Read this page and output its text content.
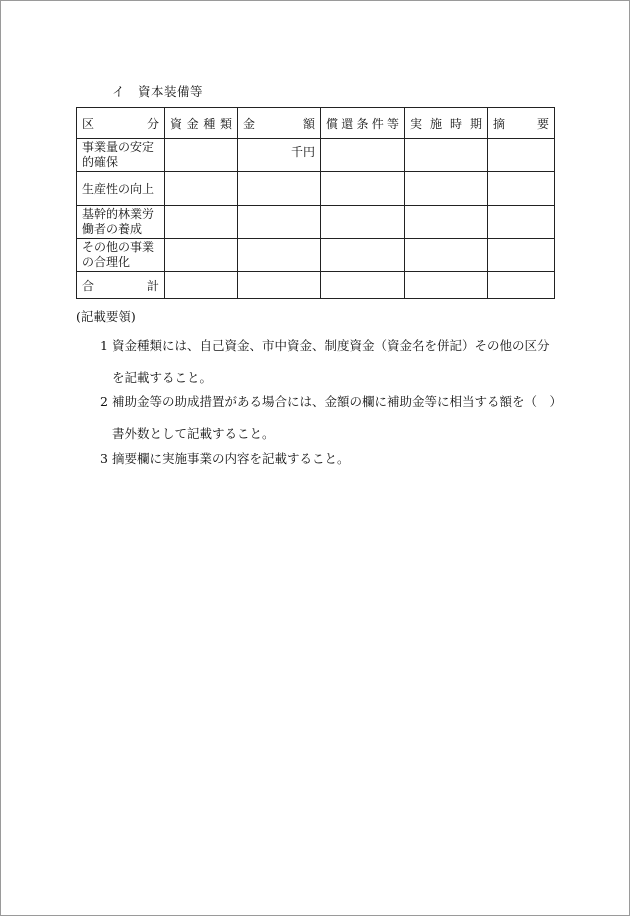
イ　 資本装備等
区 分	資 金 種 類	金 額	償 還 条 件 等	実 施 時 期	摘 要

事業量の安定的確保		千円			

生産性の向上					

基幹的林業労働者の養成					

その他の事業の合理化					

合 計					

(記載要領)
1 資金種類には、自己資金、市中資金、制度資金（資金名を併記）その他の区分を記載すること。
2 補助金等の助成措置がある場合には、金額の欄に補助金等に相当する額を（　）書外数として記載すること。
3 摘要欄に実施事業の内容を記載すること。
